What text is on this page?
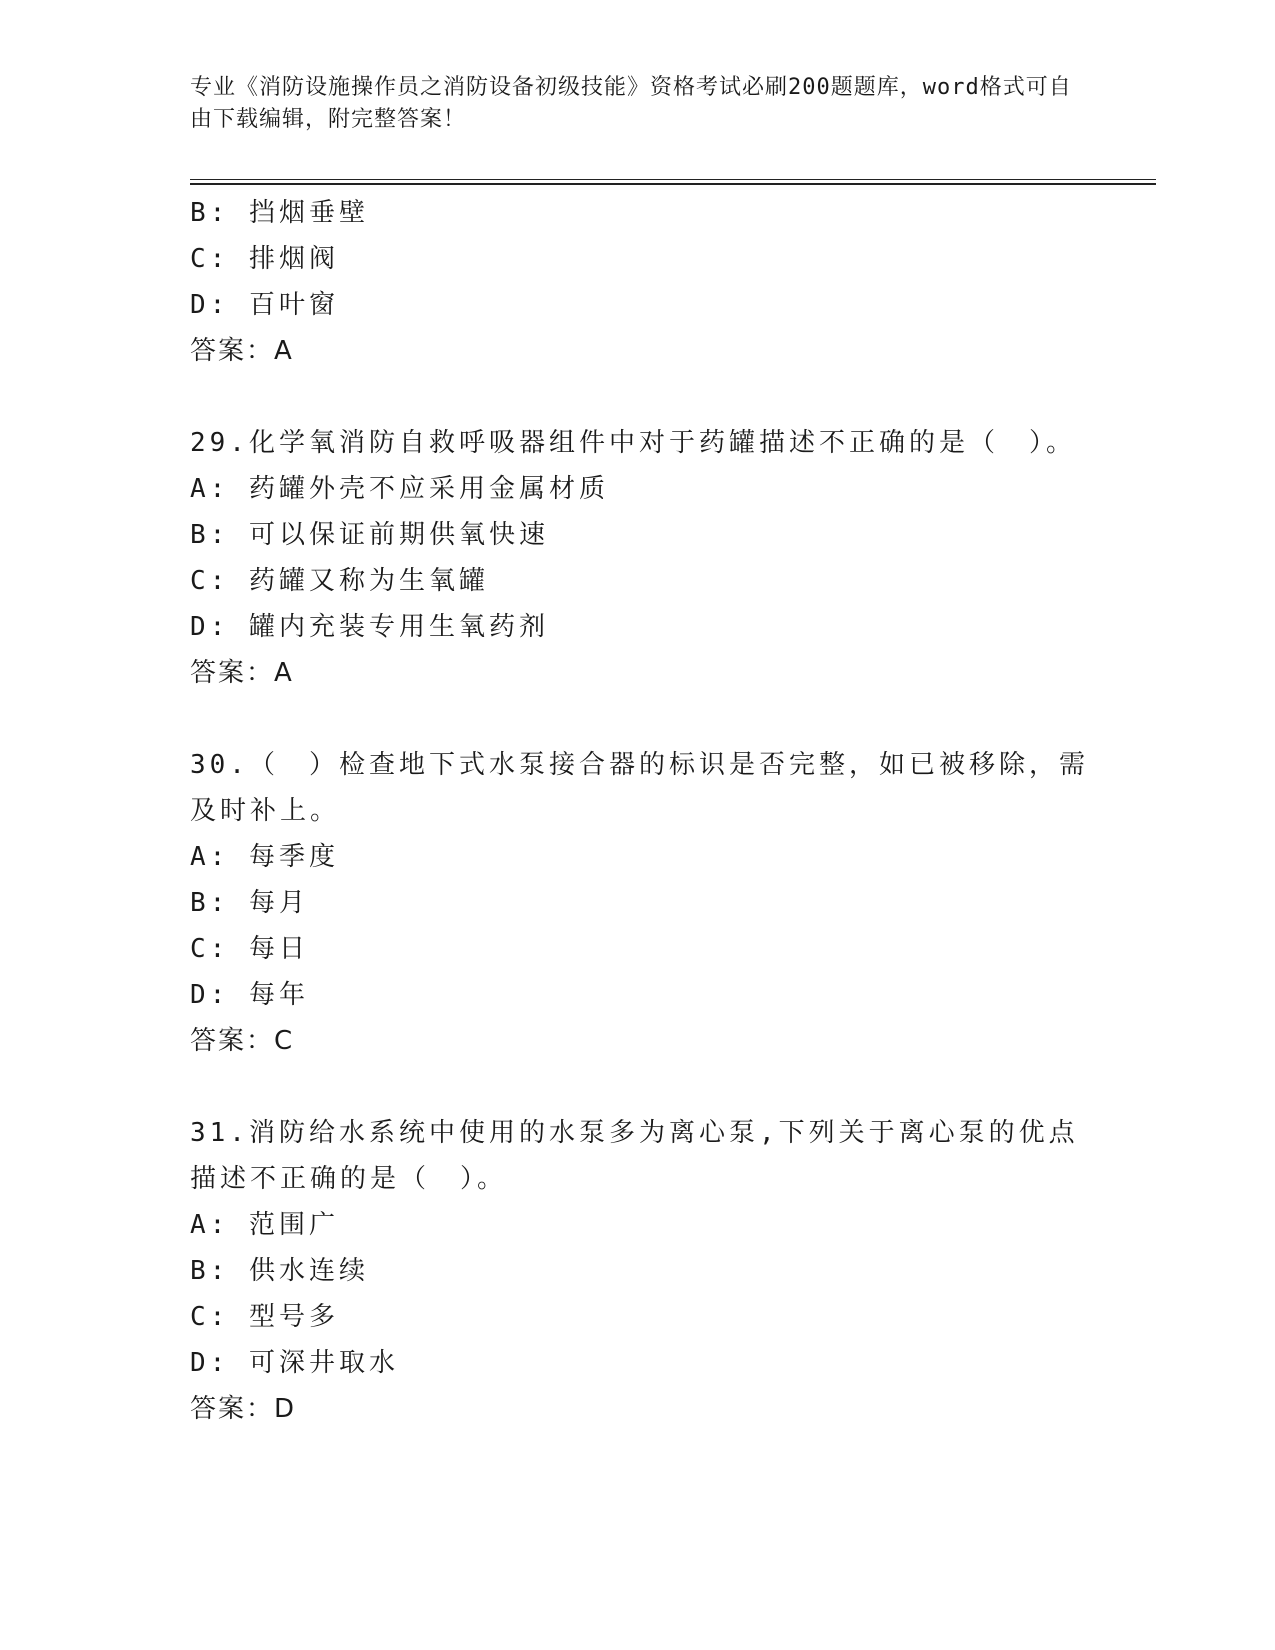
专业《消防设施操作员之消防设备初级技能》资格考试必刷200题题库，word格式可自由下载编辑，附完整答案！
B: 挡烟垂壁
C: 排烟阀
D: 百叶窗
答案：A
29.化学氧消防自救呼吸器组件中对于药罐描述不正确的是（　）。
A: 药罐外壳不应采用金属材质
B: 可以保证前期供氧快速
C: 药罐又称为生氧罐
D: 罐内充装专用生氧药剂
答案：A
30.（　）检查地下式水泵接合器的标识是否完整，如已被移除，需及时补上。
A: 每季度
B: 每月
C: 每日
D: 每年
答案：C
31.消防给水系统中使用的水泵多为离心泵,下列关于离心泵的优点描述不正确的是（　）。
A: 范围广
B: 供水连续
C: 型号多
D: 可深井取水
答案：D
